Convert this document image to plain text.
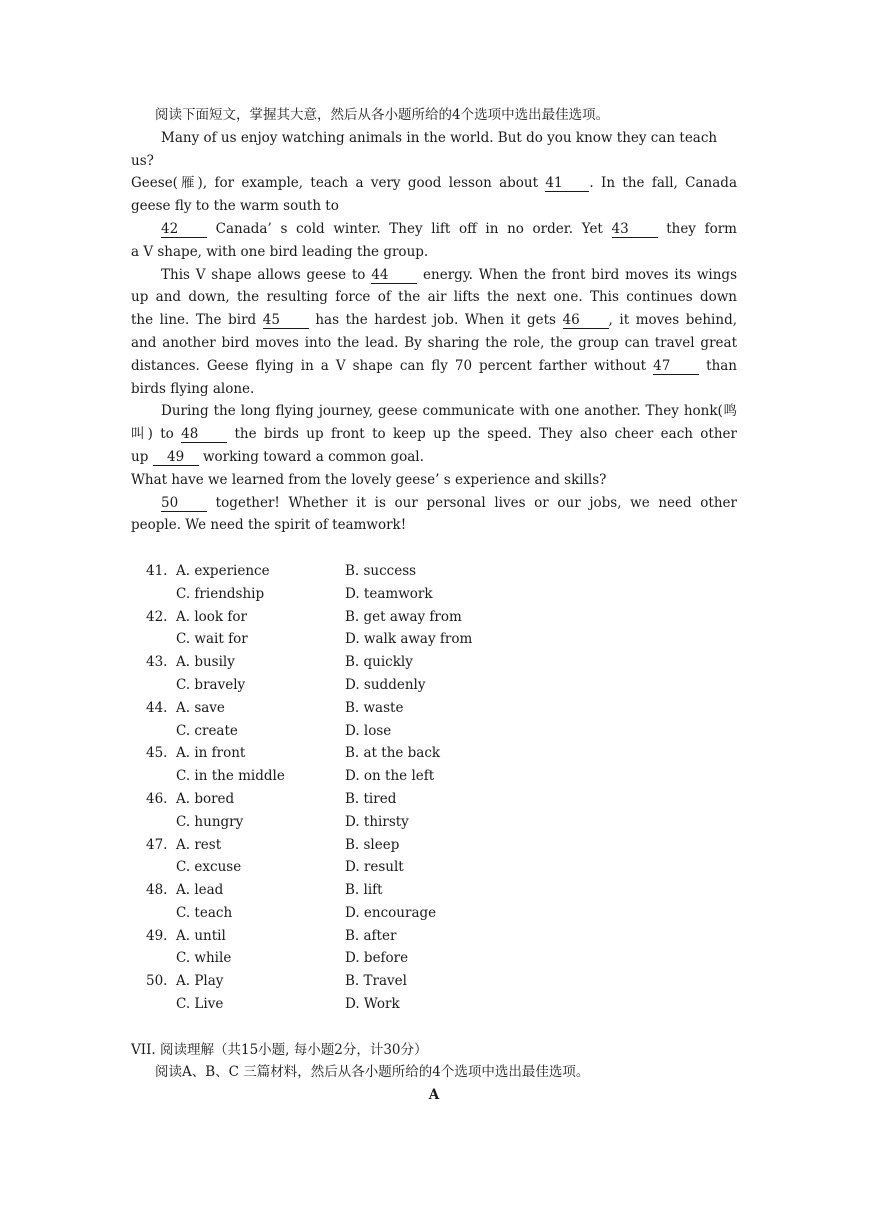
阅读下面短文，掌握其大意，然后从各小题所给的4个选项中选出最佳选项。
Many of us enjoy watching animals in the world. But do you know they can teach
us?
Geese(雁), for example, teach a very good lesson about 41 . In the fall, Canada
geese fly to the warm south to
42	Canada’ s cold winter. They lift off in no order. Yet 43	they form
a V shape, with one bird leading the group.
This V shape allows geese to 44	energy. When the front bird moves its wings
up and down, the resulting force of the air lifts the next one. This continues down
the line. The bird 45	has the hardest job. When it gets 46 , it moves behind,
and another bird moves into the lead. By sharing the role, the group can travel great
distances. Geese flying in a V shape can fly 70 percent farther without 47	than
birds flying alone.
During the long flying journey, geese communicate with one another. They honk(鸣
叫) to 48	the birds up front to keep up the speed. They also cheer each other
up 49 working toward a common goal.
What have we learned from the lovely geese’ s experience and skills?
50	together! Whether it is our personal lives or our jobs, we need other
people. We need the spirit of teamwork!
41. A. experience	B. success
C. friendship	D. teamwork
42. A. look for	B. get away from
C. wait for	D. walk away from
43. A. busily	B. quickly
C. bravely	D. suddenly
44. A. save	B. waste
C. create	D. lose
45. A. in front	B. at the back
C. in the middle	D. on the left
46. A. bored	B. tired
C. hungry	D. thirsty
47. A. rest	B. sleep
C. excuse	D. result
48. A. lead	B. lift
C. teach	D. encourage
49. A. until	B. after
C. while	D. before
50. A. Play	B. Travel
C. Live	D. Work
VII. 阅读理解（共15小题, 每小题2分，计30分）
阅读A、B、C 三篇材料，然后从各小题所给的4个选项中选出最佳选项。
A
